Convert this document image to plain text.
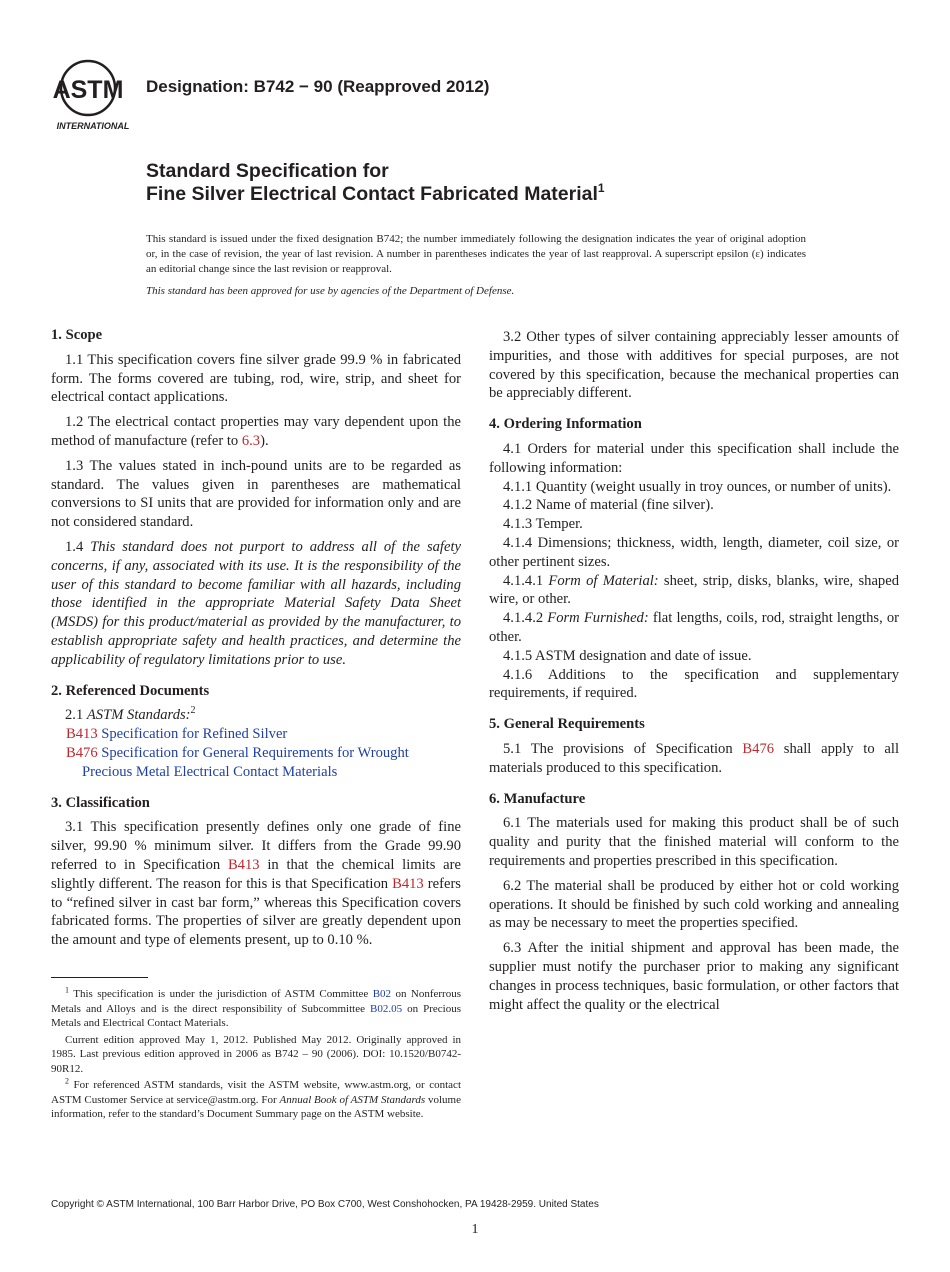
ASTM
INTERNATIONAL
Designation: B742 − 90 (Reapproved 2012)
Standard Specification for
Fine Silver Electrical Contact Fabricated Material$^1$
This standard is issued under the fixed designation B742; the number immediately following the designation indicates the year of original adoption or, in the case of revision, the year of last revision. A number in parentheses indicates the year of last reapproval. A superscript epsilon (ε) indicates an editorial change since the last revision or reapproval.
This standard has been approved for use by agencies of the Department of Defense.
1. Scope

1.1 This specification covers fine silver grade 99.9 % in fabricated form. The forms covered are tubing, rod, wire, strip, and sheet for electrical contact applications.

1.2 The electrical contact properties may vary dependent upon the method of manufacture (refer to 6.3).

1.3 The values stated in inch-pound units are to be regarded as standard. The values given in parentheses are mathematical conversions to SI units that are provided for information only and are not considered standard.

1.4 This standard does not purport to address all of the safety concerns, if any, associated with its use. It is the responsibility of the user of this standard to become familiar with all hazards, including those identified in the appropriate Material Safety Data Sheet (MSDS) for this product/material as provided by the manufacturer, to establish appropriate safety and health practices, and determine the applicability of regulatory limitations prior to use.

2. Referenced Documents

2.1 ASTM Standards:$^2$

B413 Specification for Refined Silver
B476 Specification for General Requirements for Wrought Precious Metal Electrical Contact Materials
3. Classification

3.1 This specification presently defines only one grade of fine silver, 99.90 % minimum silver. It differs from the Grade 99.90 referred to in Specification B413 in that the chemical limits are slightly different. The reason for this is that Specification B413 refers to “refined silver in cast bar form,” whereas this Specification covers fabricated forms. The properties of silver are greatly dependent upon the amount and type of elements present, up to 0.10 %.

3.2 Other types of silver containing appreciably lesser amounts of impurities, and those with additives for special purposes, are not covered by this specification, because the mechanical properties can be appreciably different.

4. Ordering Information

4.1 Orders for material under this specification shall include the following information:

4.1.1 Quantity (weight usually in troy ounces, or number of units).

4.1.2 Name of material (fine silver).

4.1.3 Temper.

4.1.4 Dimensions; thickness, width, length, diameter, coil size, or other pertinent sizes.

4.1.4.1 Form of Material: sheet, strip, disks, blanks, wire, shaped wire, or other.

4.1.4.2 Form Furnished: flat lengths, coils, rod, straight lengths, or other.

4.1.5 ASTM designation and date of issue.

4.1.6 Additions to the specification and supplementary requirements, if required.

5. General Requirements

5.1 The provisions of Specification B476 shall apply to all materials produced to this specification.

6. Manufacture

6.1 The materials used for making this product shall be of such quality and purity that the finished material will conform to the requirements and properties prescribed in this specification.

6.2 The material shall be produced by either hot or cold working operations. It should be finished by such cold working and annealing as may be necessary to meet the properties specified.

6.3 After the initial shipment and approval has been made, the supplier must notify the purchaser prior to making any significant changes in process techniques, basic formulation, or other factors that might affect the quality or the electrical

$^1$ This specification is under the jurisdiction of ASTM Committee B02 on Nonferrous Metals and Alloys and is the direct responsibility of Subcommittee B02.05 on Precious Metals and Electrical Contact Materials.

Current edition approved May 1, 2012. Published May 2012. Originally approved in 1985. Last previous edition approved in 2006 as B742 – 90 (2006). DOI: 10.1520/B0742-90R12.

$^2$ For referenced ASTM standards, visit the ASTM website, www.astm.org, or contact ASTM Customer Service at service@astm.org. For Annual Book of ASTM Standards volume information, refer to the standard’s Document Summary page on the ASTM website.

Copyright © ASTM International, 100 Barr Harbor Drive, PO Box C700, West Conshohocken, PA 19428-2959. United States
1
